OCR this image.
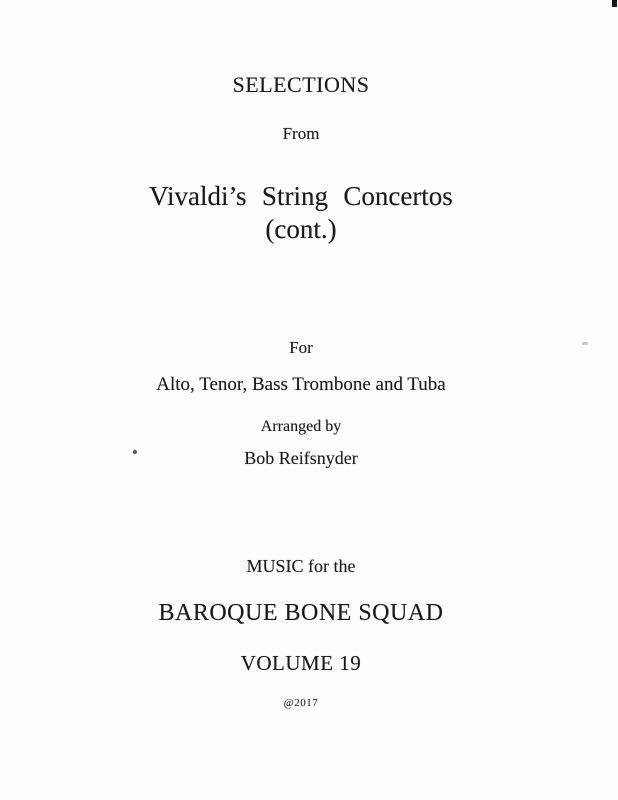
SELECTIONS
From
Vivaldi’s String Concertos
(cont.)
For
Alto, Tenor, Bass Trombone and Tuba
Arranged by
Bob Reifsnyder
MUSIC for the
BAROQUE BONE SQUAD
VOLUME 19
@2017
